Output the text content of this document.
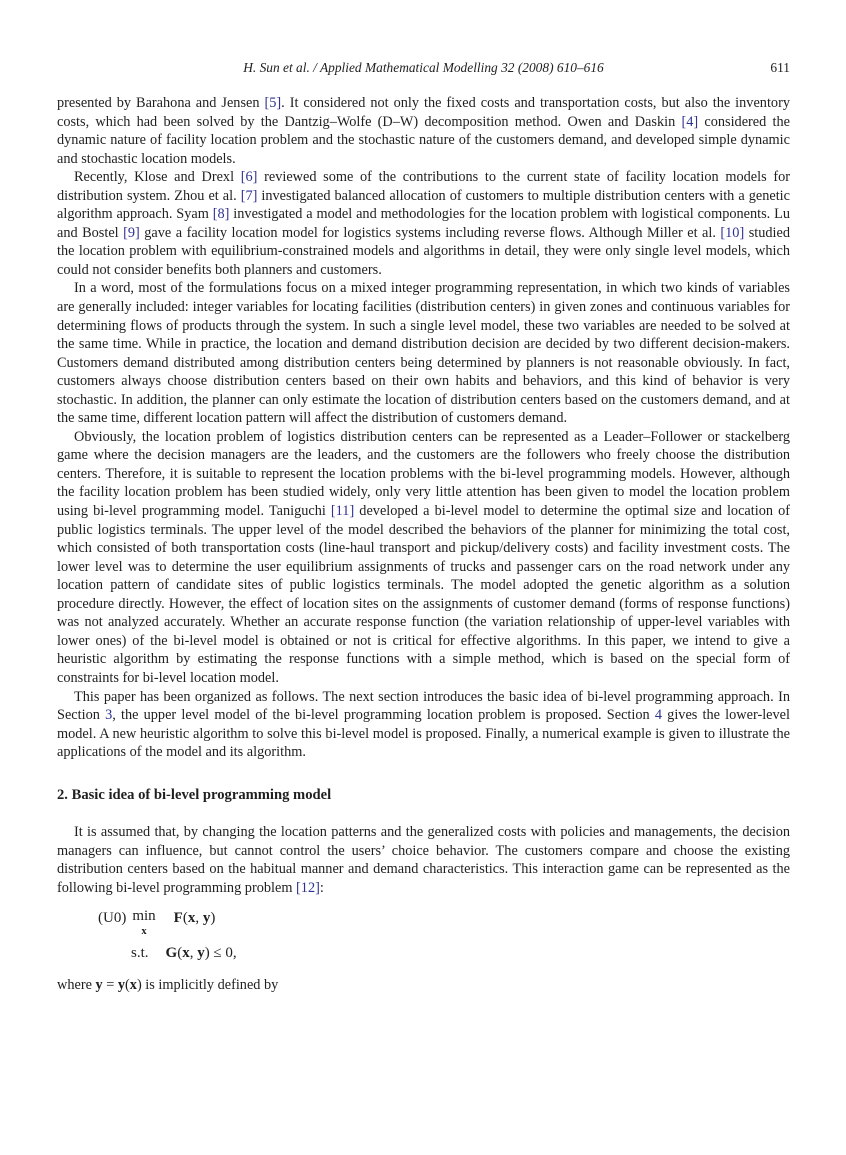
H. Sun et al. / Applied Mathematical Modelling 32 (2008) 610–616	611

presented by Barahona and Jensen [5]. It considered not only the fixed costs and transportation costs, but also the inventory costs, which had been solved by the Dantzig–Wolfe (D–W) decomposition method. Owen and Daskin [4] considered the dynamic nature of facility location problem and the stochastic nature of the customers demand, and developed simple dynamic and stochastic location models.

Recently, Klose and Drexl [6] reviewed some of the contributions to the current state of facility location models for distribution system. Zhou et al. [7] investigated balanced allocation of customers to multiple distribution centers with a genetic algorithm approach. Syam [8] investigated a model and methodologies for the location problem with logistical components. Lu and Bostel [9] gave a facility location model for logistics systems including reverse flows. Although Miller et al. [10] studied the location problem with equilibrium-constrained models and algorithms in detail, they were only single level models, which could not consider benefits both planners and customers.

In a word, most of the formulations focus on a mixed integer programming representation, in which two kinds of variables are generally included: integer variables for locating facilities (distribution centers) in given zones and continuous variables for determining flows of products through the system. In such a single level model, these two variables are needed to be solved at the same time. While in practice, the location and demand distribution decision are decided by two different decision-makers. Customers demand distributed among distribution centers being determined by planners is not reasonable obviously. In fact, customers always choose distribution centers based on their own habits and behaviors, and this kind of behavior is very stochastic. In addition, the planner can only estimate the location of distribution centers based on the customers demand, and at the same time, different location pattern will affect the distribution of customers demand.

Obviously, the location problem of logistics distribution centers can be represented as a Leader–Follower or stackelberg game where the decision managers are the leaders, and the customers are the followers who freely choose the distribution centers. Therefore, it is suitable to represent the location problems with the bi-level programming models. However, although the facility location problem has been studied widely, only very little attention has been given to model the location problem using bi-level programming model. Taniguchi [11] developed a bi-level model to determine the optimal size and location of public logistics terminals. The upper level of the model described the behaviors of the planner for minimizing the total cost, which consisted of both transportation costs (line-haul transport and pickup/delivery costs) and facility investment costs. The lower level was to determine the user equilibrium assignments of trucks and passenger cars on the road network under any location pattern of candidate sites of public logistics terminals. The model adopted the genetic algorithm as a solution procedure directly. However, the effect of location sites on the assignments of customer demand (forms of response functions) was not analyzed accurately. Whether an accurate response function (the variation relationship of upper-level variables with lower ones) of the bi-level model is obtained or not is critical for effective algorithms. In this paper, we intend to give a heuristic algorithm by estimating the response functions with a simple method, which is based on the special form of constraints for bi-level location model.

This paper has been organized as follows. The next section introduces the basic idea of bi-level programming approach. In Section 3, the upper level model of the bi-level programming location problem is proposed. Section 4 gives the lower-level model. A new heuristic algorithm to solve this bi-level model is proposed. Finally, a numerical example is given to illustrate the applications of the model and its algorithm.

2. Basic idea of bi-level programming model

It is assumed that, by changing the location patterns and the generalized costs with policies and managements, the decision managers can influence, but cannot control the users’ choice behavior. The customers compare and choose the existing distribution centers based on the habitual manner and demand characteristics. This interaction game can be represented as the following bi-level programming problem [12]:

(U0) min
x
F(x, y)
s.t. G(x, y) ≤ 0,

where y = y(x) is implicitly defined by
